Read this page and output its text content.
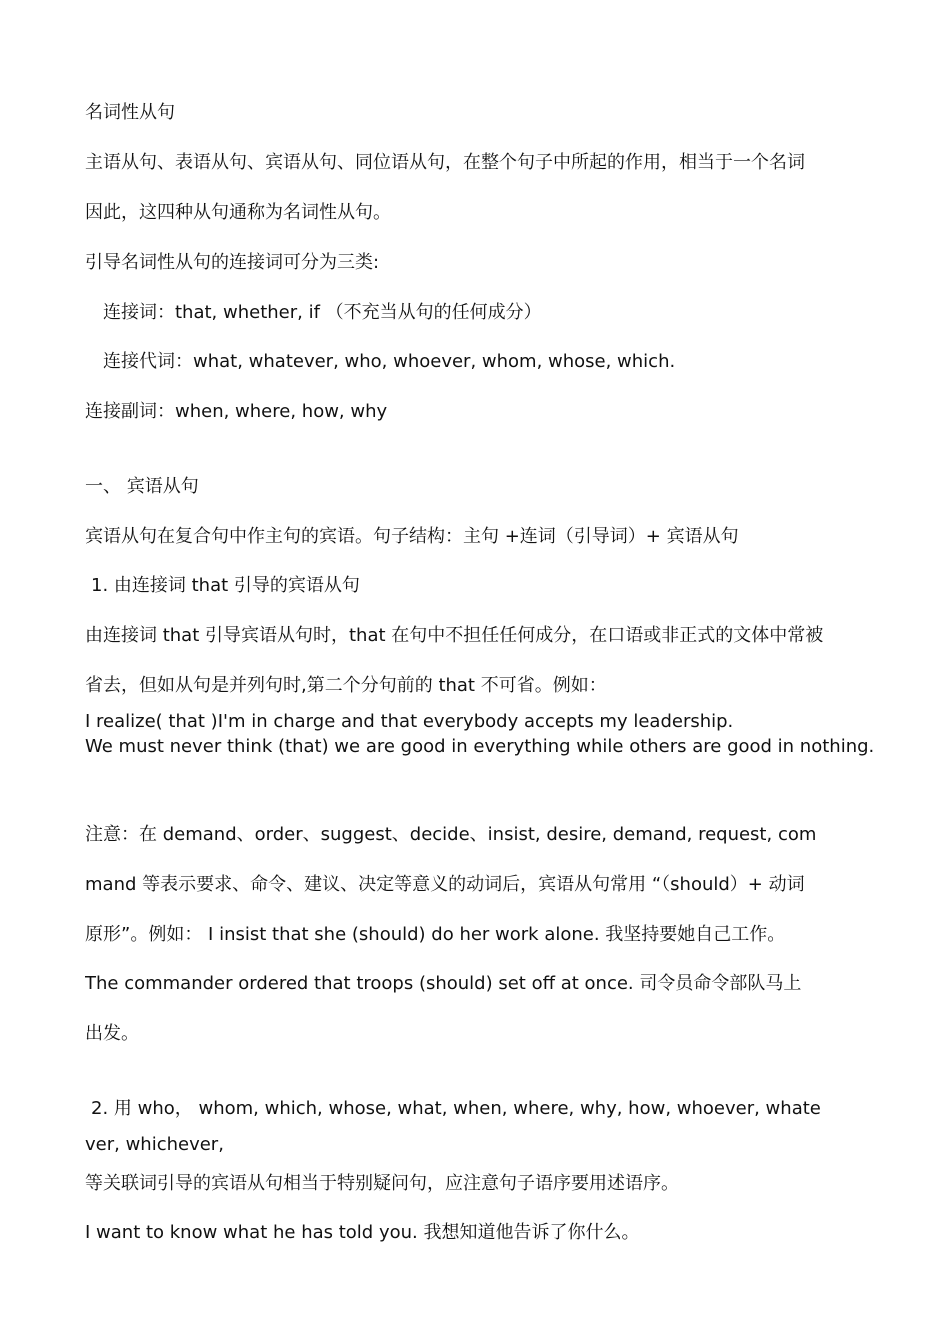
名词性从句

主语从句、表语从句、宾语从句、同位语从句，在整个句子中所起的作用，相当于一个名词

因此，这四种从句通称为名词性从句。

引导名词性从句的连接词可分为三类:

连接词：that, whether, if （不充当从句的任何成分）

连接代词：what, whatever, who, whoever, whom, whose, which.

连接副词：when, where, how, why

一、 宾语从句

宾语从句在复合句中作主句的宾语。句子结构：主句 +连词（引导词）+ 宾语从句

1. 由连接词 that 引导的宾语从句

由连接词 that 引导宾语从句时，that 在句中不担任任何成分，在口语或非正式的文体中常被

省去，但如从句是并列句时,第二个分句前的 that 不可省。例如：

I realize( that )I'm in charge and that everybody accepts my leadership.

We must never think (that) we are good in everything while others are good in nothing.

注意：在 demand、order、suggest、decide、insist, desire, demand, request, com

mand 等表示要求、命令、建议、决定等意义的动词后，宾语从句常用 “（should）+ 动词

原形”。例如： I insist that she (should) do her work alone. 我坚持要她自己工作。

The commander ordered that troops (should) set off at once. 司令员命令部队马上

出发。

2. 用 who， whom, which, whose, what, when, where, why, how, whoever, whate

ver, whichever,

等关联词引导的宾语从句相当于特别疑问句，应注意句子语序要用述语序。

I want to know what he has told you. 我想知道他告诉了你什么。
